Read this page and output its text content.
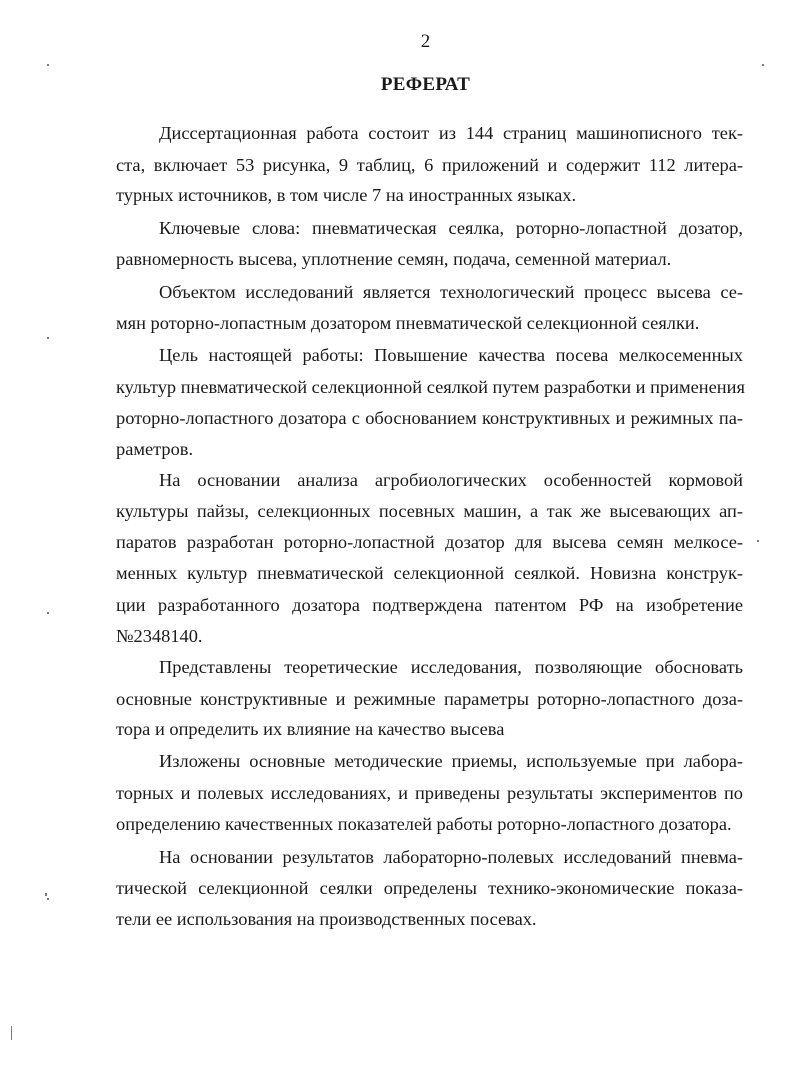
2
РЕФЕРАТ
Диссертационная работа состоит из 144 страниц машинописного тек-
ста, включает 53 рисунка, 9 таблиц, 6 приложений и содержит 112 литера-
турных источников, в том числе 7 на иностранных языках.
Ключевые слова: пневматическая сеялка, роторно-лопастной дозатор,
равномерность высева, уплотнение семян, подача, семенной материал.
Объектом исследований является технологический процесс высева се-
мян роторно-лопастным дозатором пневматической селекционной сеялки.
Цель настоящей работы: Повышение качества посева мелкосеменных
культур пневматической селекционной сеялкой путем разработки и применения
роторно-лопастного дозатора с обоснованием конструктивных и режимных па-
раметров.
На основании анализа агробиологических особенностей кормовой
культуры пайзы, селекционных посевных машин, а так же высевающих ап-
паратов разработан роторно-лопастной дозатор для высева семян мелкосе-
менных культур пневматической селекционной сеялкой. Новизна конструк-
ции разработанного дозатора подтверждена патентом РФ на изобретение
№2348140.
Представлены теоретические исследования, позволяющие обосновать
основные конструктивные и режимные параметры роторно-лопастного доза-
тора и определить их влияние на качество высева
Изложены основные методические приемы, используемые при лабора-
торных и полевых исследованиях, и приведены результаты экспериментов по
определению качественных показателей работы роторно-лопастного дозатора.
На основании результатов лабораторно-полевых исследований пневма-
тической селекционной сеялки определены технико-экономические показа-
тели ее использования на производственных посевах.
